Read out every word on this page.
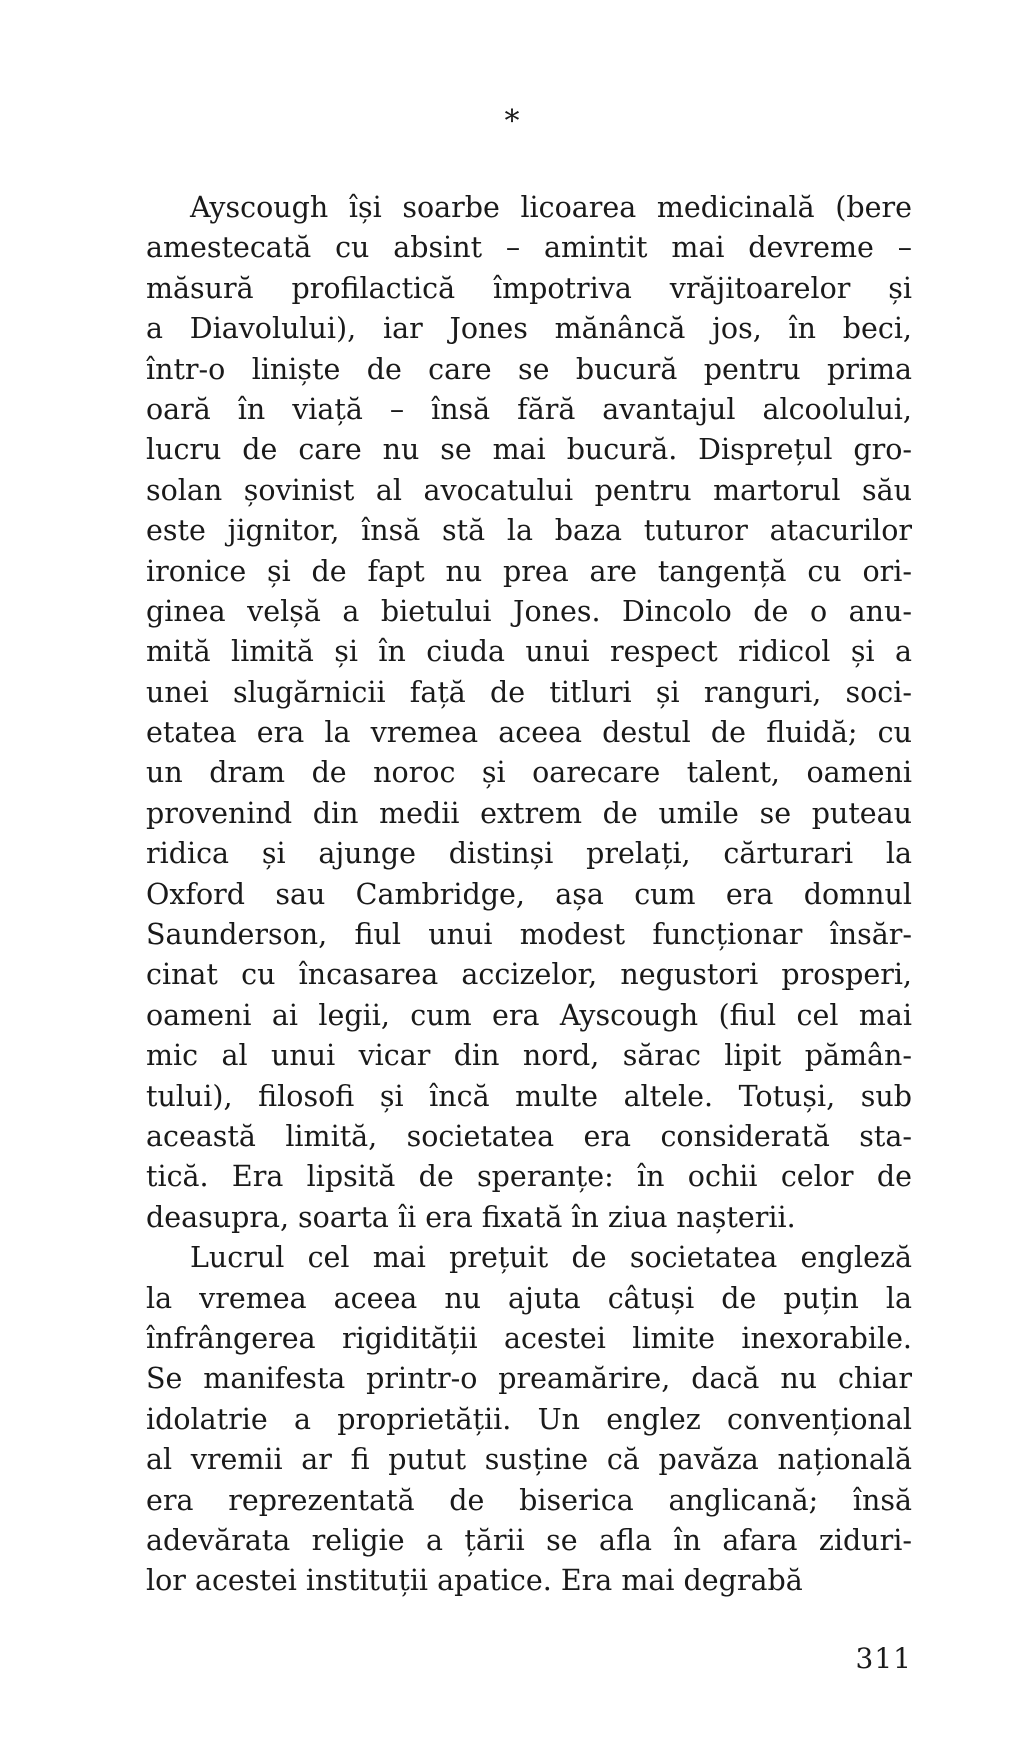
*
Ayscough își soarbe licoarea medicinală (bere
amestecată cu absint – amintit mai devreme –
măsură profilactică împotriva vrăjitoarelor și
a Diavolului), iar Jones mănâncă jos, în beci,
într-o liniște de care se bucură pentru prima
oară în viață – însă fără avantajul alcoolului,
lucru de care nu se mai bucură. Disprețul gro-
solan șovinist al avocatului pentru martorul său
este jignitor, însă stă la baza tuturor atacurilor
ironice și de fapt nu prea are tangență cu ori-
ginea velșă a bietului Jones. Dincolo de o anu-
mită limită și în ciuda unui respect ridicol și a
unei slugărnicii față de titluri și ranguri, soci-
etatea era la vremea aceea destul de fluidă; cu
un dram de noroc și oarecare talent, oameni
provenind din medii extrem de umile se puteau
ridica și ajunge distinși prelați, cărturari la
Oxford sau Cambridge, așa cum era domnul
Saunderson, fiul unui modest funcționar însăr-
cinat cu încasarea accizelor, negustori prosperi,
oameni ai legii, cum era Ayscough (fiul cel mai
mic al unui vicar din nord, sărac lipit pămân-
tului), filosofi și încă multe altele. Totuși, sub
această limită, societatea era considerată sta-
tică. Era lipsită de speranțe: în ochii celor de
deasupra, soarta îi era fixată în ziua nașterii.
Lucrul cel mai prețuit de societatea engleză
la vremea aceea nu ajuta câtuși de puțin la
înfrângerea rigidității acestei limite inexorabile.
Se manifesta printr-o preamărire, dacă nu chiar
idolatrie a proprietății. Un englez convențional
al vremii ar fi putut susține că pavăza națională
era reprezentată de biserica anglicană; însă
adevărata religie a țării se afla în afara ziduri-
lor acestei instituții apatice. Era mai degrabă
311
